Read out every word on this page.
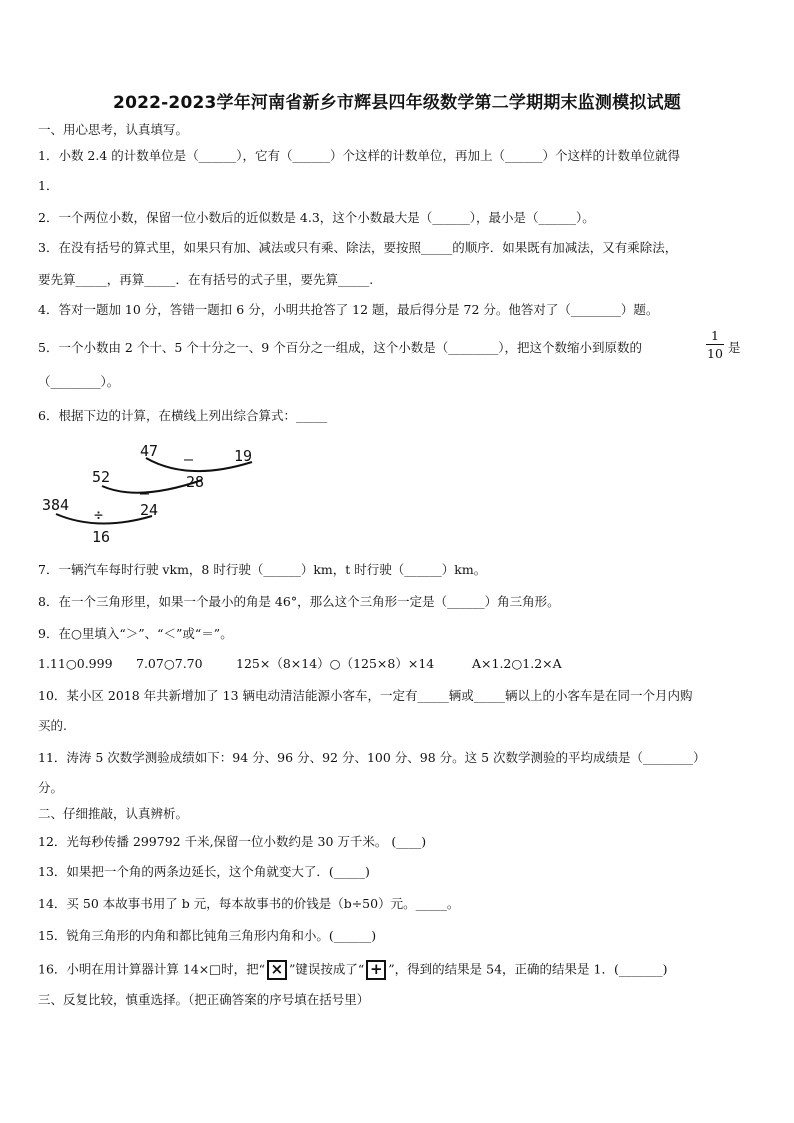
2022-2023学年河南省新乡市辉县四年级数学第二学期期末监测模拟试题
一、用心思考，认真填写。
1．小数 2.4 的计数单位是（______），它有（______）个这样的计数单位，再加上（______）个这样的计数单位就得
1．
2．一个两位小数，保留一位小数后的近似数是 4.3，这个小数最大是（______），最小是（______）。
3．在没有括号的算式里，如果只有加、减法或只有乘、除法，要按照_____的顺序．如果既有加减法，又有乘除法，
要先算_____，再算_____．在有括号的式子里，要先算_____.
4．答对一题加 10 分，答错一题扣 6 分，小明共抢答了 12 题，最后得分是 72 分。他答对了（________）题。
5．一个小数由 2 个十、5 个十分之一、9 个百分之一组成，这个小数是（________），把这个数缩小到原数的
1
10 是
（________）。
6．根据下边的计算，在横线上列出综合算式：_____
47 —	19
28
52
—
24
384
÷
16
7．一辆汽车每时行驶 vkm，8 时行驶（______）km，t 时行驶（______）km。
8．在一个三角形里，如果一个最小的角是 46°，那么这个三角形一定是（______）角三角形。
9．在○里填入“＞”、“＜”或“＝”。
1.11○0.999 7.07○7.70	125×（8×14）○（125×8）×14	A×1.2○1.2×A
10．某小区 2018 年共新增加了 13 辆电动清洁能源小客车，一定有_____辆或_____辆以上的小客车是在同一个月内购
买的.
11．涛涛 5 次数学测验成绩如下：94 分、96 分、92 分、100 分、98 分。这 5 次数学测验的平均成绩是（________）
分。
二、仔细推敲，认真辨析。
12．光每秒传播 299792 千米,保留一位小数约是 30 万千米。 (____)
13．如果把一个角的两条边延长，这个角就变大了．(_____)
14．买 50 本故事书用了 b 元，每本故事书的价钱是（b÷50）元。_____。
15．锐角三角形的内角和都比钝角三角形内角和小。(______)
16．小明在用计算器计算 14×□时，把“ × ”键误按成了“ + ”，得到的结果是 54，正确的结果是 1．(_______)
三、反复比较，慎重选择。（把正确答案的序号填在括号里）
